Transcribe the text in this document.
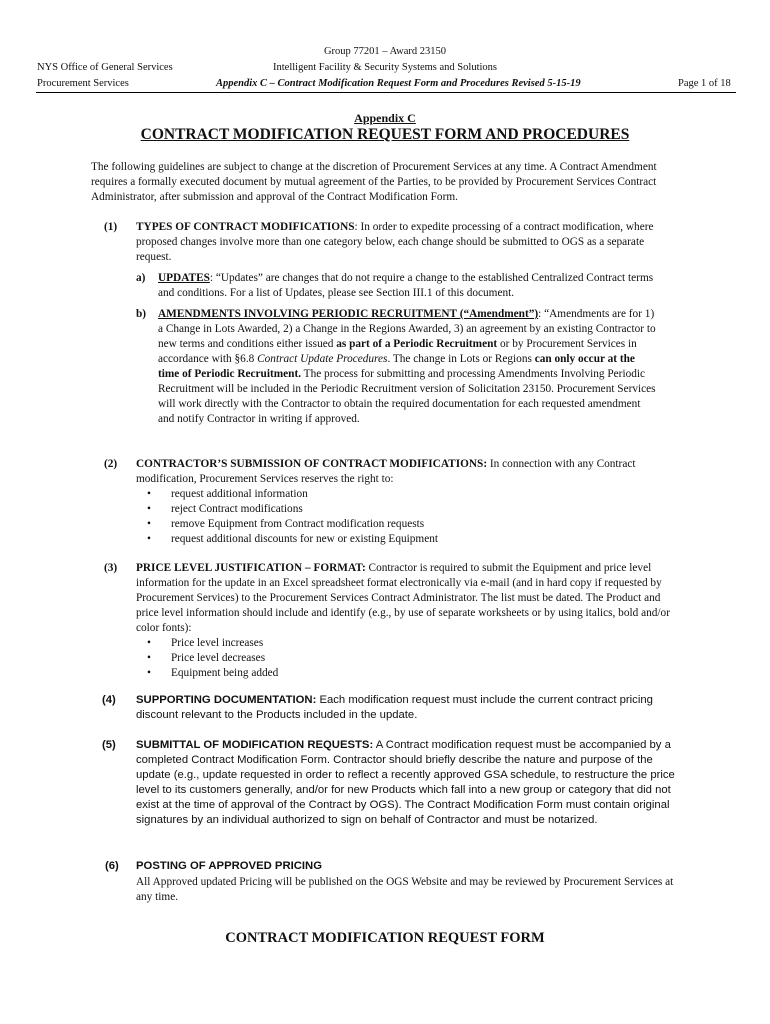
Group 77201 – Award 23150
NYS Office of General Services	Intelligent Facility & Security Systems and Solutions
Procurement Services	Appendix C – Contract Modification Request Form and Procedures Revised 5-15-19	Page 1 of 18
Appendix C
CONTRACT MODIFICATION REQUEST FORM AND PROCEDURES
The following guidelines are subject to change at the discretion of Procurement Services at any time. A Contract Amendment requires a formally executed document by mutual agreement of the Parties, to be provided by Procurement Services Contract Administrator, after submission and approval of the Contract Modification Form.
(1) TYPES OF CONTRACT MODIFICATIONS: In order to expedite processing of a contract modification, where proposed changes involve more than one category below, each change should be submitted to OGS as a separate request.
a) UPDATES: “Updates” are changes that do not require a change to the established Centralized Contract terms and conditions. For a list of Updates, please see Section III.1 of this document.
b) AMENDMENTS INVOLVING PERIODIC RECRUITMENT (“Amendment”): “Amendments are for 1) a Change in Lots Awarded, 2) a Change in the Regions Awarded, 3) an agreement by an existing Contractor to new terms and conditions either issued as part of a Periodic Recruitment or by Procurement Services in accordance with §6.8 Contract Update Procedures. The change in Lots or Regions can only occur at the time of Periodic Recruitment. The process for submitting and processing Amendments Involving Periodic Recruitment will be included in the Periodic Recruitment version of Solicitation 23150. Procurement Services will work directly with the Contractor to obtain the required documentation for each requested amendment and notify Contractor in writing if approved.
(2) CONTRACTOR’S SUBMISSION OF CONTRACT MODIFICATIONS: In connection with any Contract modification, Procurement Services reserves the right to:
• request additional information
• reject Contract modifications
• remove Equipment from Contract modification requests
• request additional discounts for new or existing Equipment
(3) PRICE LEVEL JUSTIFICATION – FORMAT: Contractor is required to submit the Equipment and price level information for the update in an Excel spreadsheet format electronically via e-mail (and in hard copy if requested by Procurement Services) to the Procurement Services Contract Administrator. The list must be dated. The Product and price level information should include and identify (e.g., by use of separate worksheets or by using italics, bold and/or color fonts):
• Price level increases
• Price level decreases
• Equipment being added
(4) SUPPORTING DOCUMENTATION: Each modification request must include the current contract pricing discount relevant to the Products included in the update.
(5) SUBMITTAL OF MODIFICATION REQUESTS: A Contract modification request must be accompanied by a completed Contract Modification Form. Contractor should briefly describe the nature and purpose of the update (e.g., update requested in order to reflect a recently approved GSA schedule, to restructure the price level to its customers generally, and/or for new Products which fall into a new group or category that did not exist at the time of approval of the Contract by OGS). The Contract Modification Form must contain original signatures by an individual authorized to sign on behalf of Contractor and must be notarized.
(6) POSTING OF APPROVED PRICING
All Approved updated Pricing will be published on the OGS Website and may be reviewed by Procurement Services at any time.
CONTRACT MODIFICATION REQUEST FORM
